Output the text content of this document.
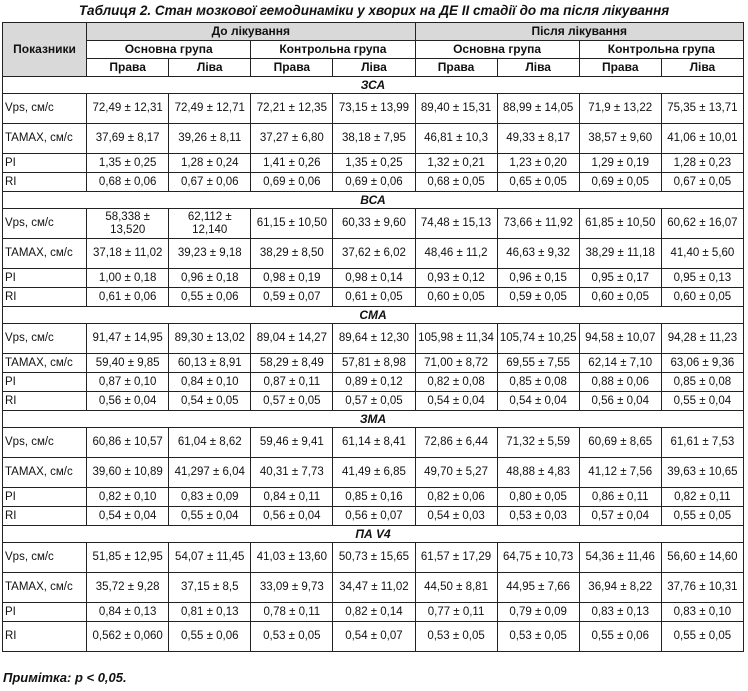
Таблиця 2. Стан мозкової гемодинаміки у хворих на ДЕ ІІ стадії до та після лікування
Показники	До лікування				Після лікування			
	Основна група		Контрольна група		Основна група		Контрольна група	
	Права	Ліва	Права	Ліва	Права	Ліва	Права	Ліва
ЗСА								
Vps, см/с	72,49 ± 12,31	72,49 ± 12,71	72,21 ± 12,35	73,15 ± 13,99	89,40 ± 15,31	88,99 ± 14,05	71,9 ± 13,22	75,35 ± 13,71
TAMAX, см/с	37,69 ± 8,17	39,26 ± 8,11	37,27 ± 6,80	38,18 ± 7,95	46,81 ± 10,3	49,33 ± 8,17	38,57 ± 9,60	41,06 ± 10,01
PI	1,35 ± 0,25	1,28 ± 0,24	1,41 ± 0,26	1,35 ± 0,25	1,32 ± 0,21	1,23 ± 0,20	1,29 ± 0,19	1,28 ± 0,23
RI	0,68 ± 0,06	0,67 ± 0,06	0,69 ± 0,06	0,69 ± 0,06	0,68 ± 0,05	0,65 ± 0,05	0,69 ± 0,05	0,67 ± 0,05
ВСА								
Vps, см/с	58,338 ± 13,520	62,112 ± 12,140	61,15 ± 10,50	60,33 ± 9,60	74,48 ± 15,13	73,66 ± 11,92	61,85 ± 10,50	60,62 ± 16,07
TAMAX, см/с	37,18 ± 11,02	39,23 ± 9,18	38,29 ± 8,50	37,62 ± 6,02	48,46 ± 11,2	46,63 ± 9,32	38,29 ± 11,18	41,40 ± 5,60
PI	1,00 ± 0,18	0,96 ± 0,18	0,98 ± 0,19	0,98 ± 0,14	0,93 ± 0,12	0,96 ± 0,15	0,95 ± 0,17	0,95 ± 0,13
RI	0,61 ± 0,06	0,55 ± 0,06	0,59 ± 0,07	0,61 ± 0,05	0,60 ± 0,05	0,59 ± 0,05	0,60 ± 0,05	0,60 ± 0,05
СМА								
Vps, см/с	91,47 ± 14,95	89,30 ± 13,02	89,04 ± 14,27	89,64 ± 12,30	105,98 ± 11,34	105,74 ± 10,25	94,58 ± 10,07	94,28 ± 11,23
TAMAX, см/с	59,40 ± 9,85	60,13 ± 8,91	58,29 ± 8,49	57,81 ± 8,98	71,00 ± 8,72	69,55 ± 7,55	62,14 ± 7,10	63,06 ± 9,36
PI	0,87 ± 0,10	0,84 ± 0,10	0,87 ± 0,11	0,89 ± 0,12	0,82 ± 0,08	0,85 ± 0,08	0,88 ± 0,06	0,85 ± 0,08
RI	0,56 ± 0,04	0,54 ± 0,05	0,57 ± 0,05	0,57 ± 0,05	0,54 ± 0,04	0,54 ± 0,04	0,56 ± 0,04	0,55 ± 0,04
ЗМА								
Vps, см/с	60,86 ± 10,57	61,04 ± 8,62	59,46 ± 9,41	61,14 ± 8,41	72,86 ± 6,44	71,32 ± 5,59	60,69 ± 8,65	61,61 ± 7,53
TAMAX, см/с	39,60 ± 10,89	41,297 ± 6,04	40,31 ± 7,73	41,49 ± 6,85	49,70 ± 5,27	48,88 ± 4,83	41,12 ± 7,56	39,63 ± 10,65
PI	0,82 ± 0,10	0,83 ± 0,09	0,84 ± 0,11	0,85 ± 0,16	0,82 ± 0,06	0,80 ± 0,05	0,86 ± 0,11	0,82 ± 0,11
RI	0,54 ± 0,04	0,55 ± 0,04	0,56 ± 0,04	0,56 ± 0,07	0,54 ± 0,03	0,53 ± 0,03	0,57 ± 0,04	0,55 ± 0,05
ПА V4								
Vps, см/с	51,85 ± 12,95	54,07 ± 11,45	41,03 ± 13,60	50,73 ± 15,65	61,57 ± 17,29	64,75 ± 10,73	54,36 ± 11,46	56,60 ± 14,60
TAMAX, см/с	35,72 ± 9,28	37,15 ± 8,5	33,09 ± 9,73	34,47 ± 11,02	44,50 ± 8,81	44,95 ± 7,66	36,94 ± 8,22	37,76 ± 10,31
PI	0,84 ± 0,13	0,81 ± 0,13	0,78 ± 0,11	0,82 ± 0,14	0,77 ± 0,11	0,79 ± 0,09	0,83 ± 0,13	0,83 ± 0,10
RI	0,562 ± 0,060	0,55 ± 0,06	0,53 ± 0,05	0,54 ± 0,07	0,53 ± 0,05	0,53 ± 0,05	0,55 ± 0,06	0,55 ± 0,05
Примітка: р < 0,05.
